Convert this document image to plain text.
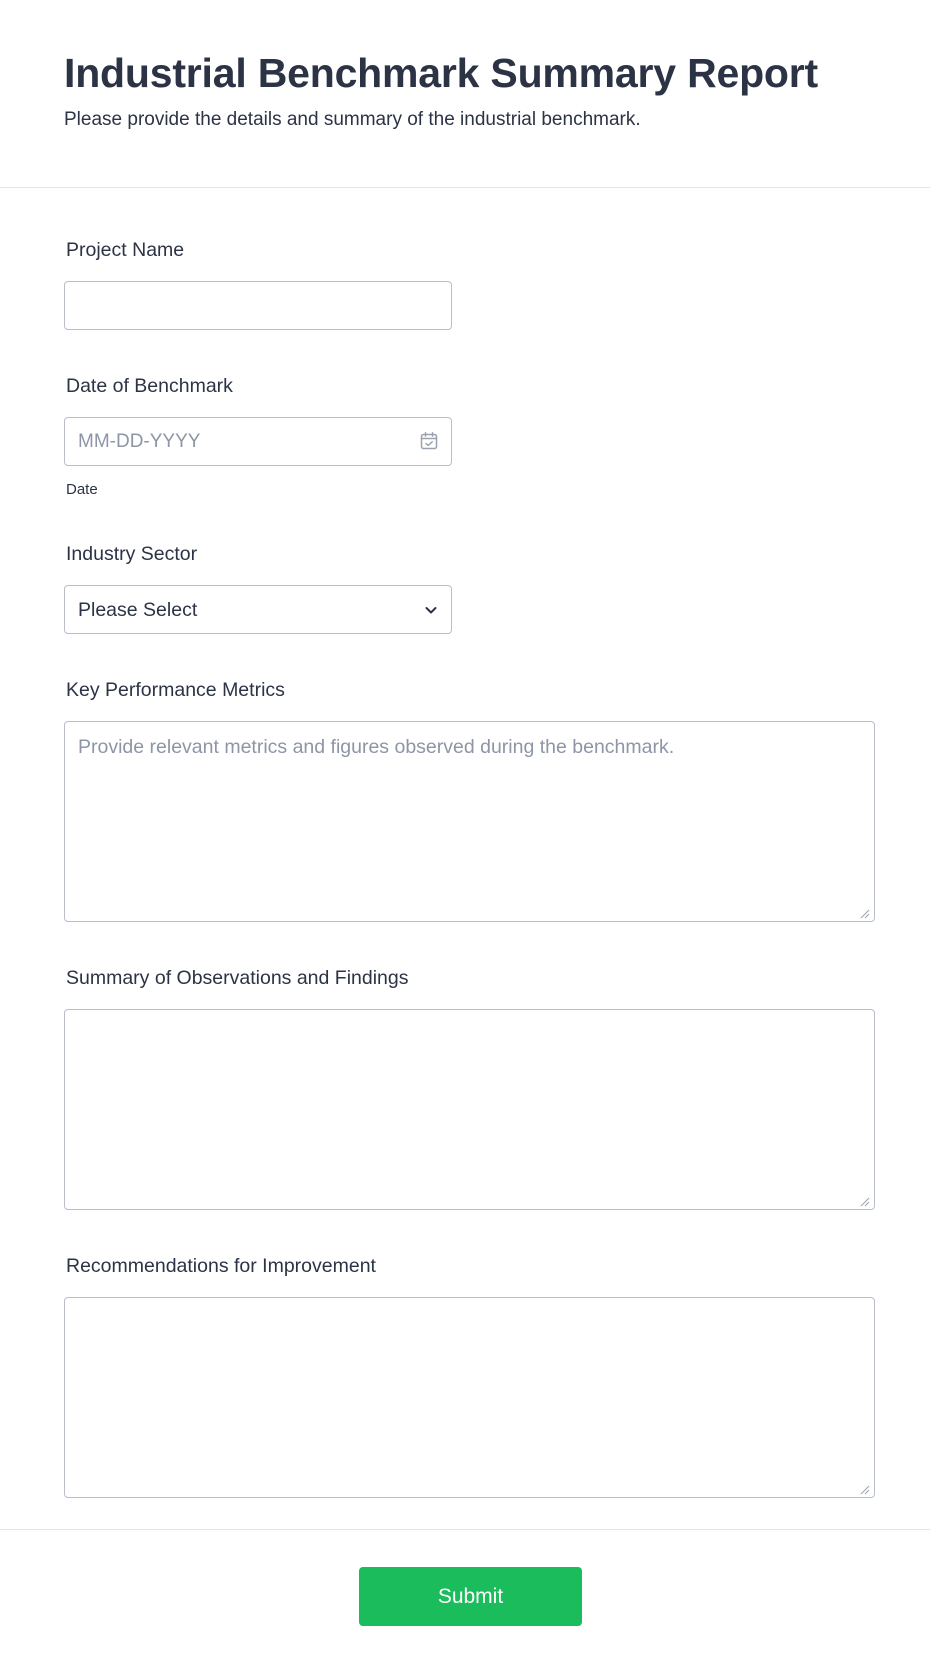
Industrial Benchmark Summary Report

Please provide the details and summary of the industrial benchmark.

Project Name
Date of Benchmark
MM-DD-YYYY
Date
Industry Sector
Please Select
Key Performance Metrics
Provide relevant metrics and figures observed during the benchmark.
Summary of Observations and Findings
Recommendations for Improvement
Submit
